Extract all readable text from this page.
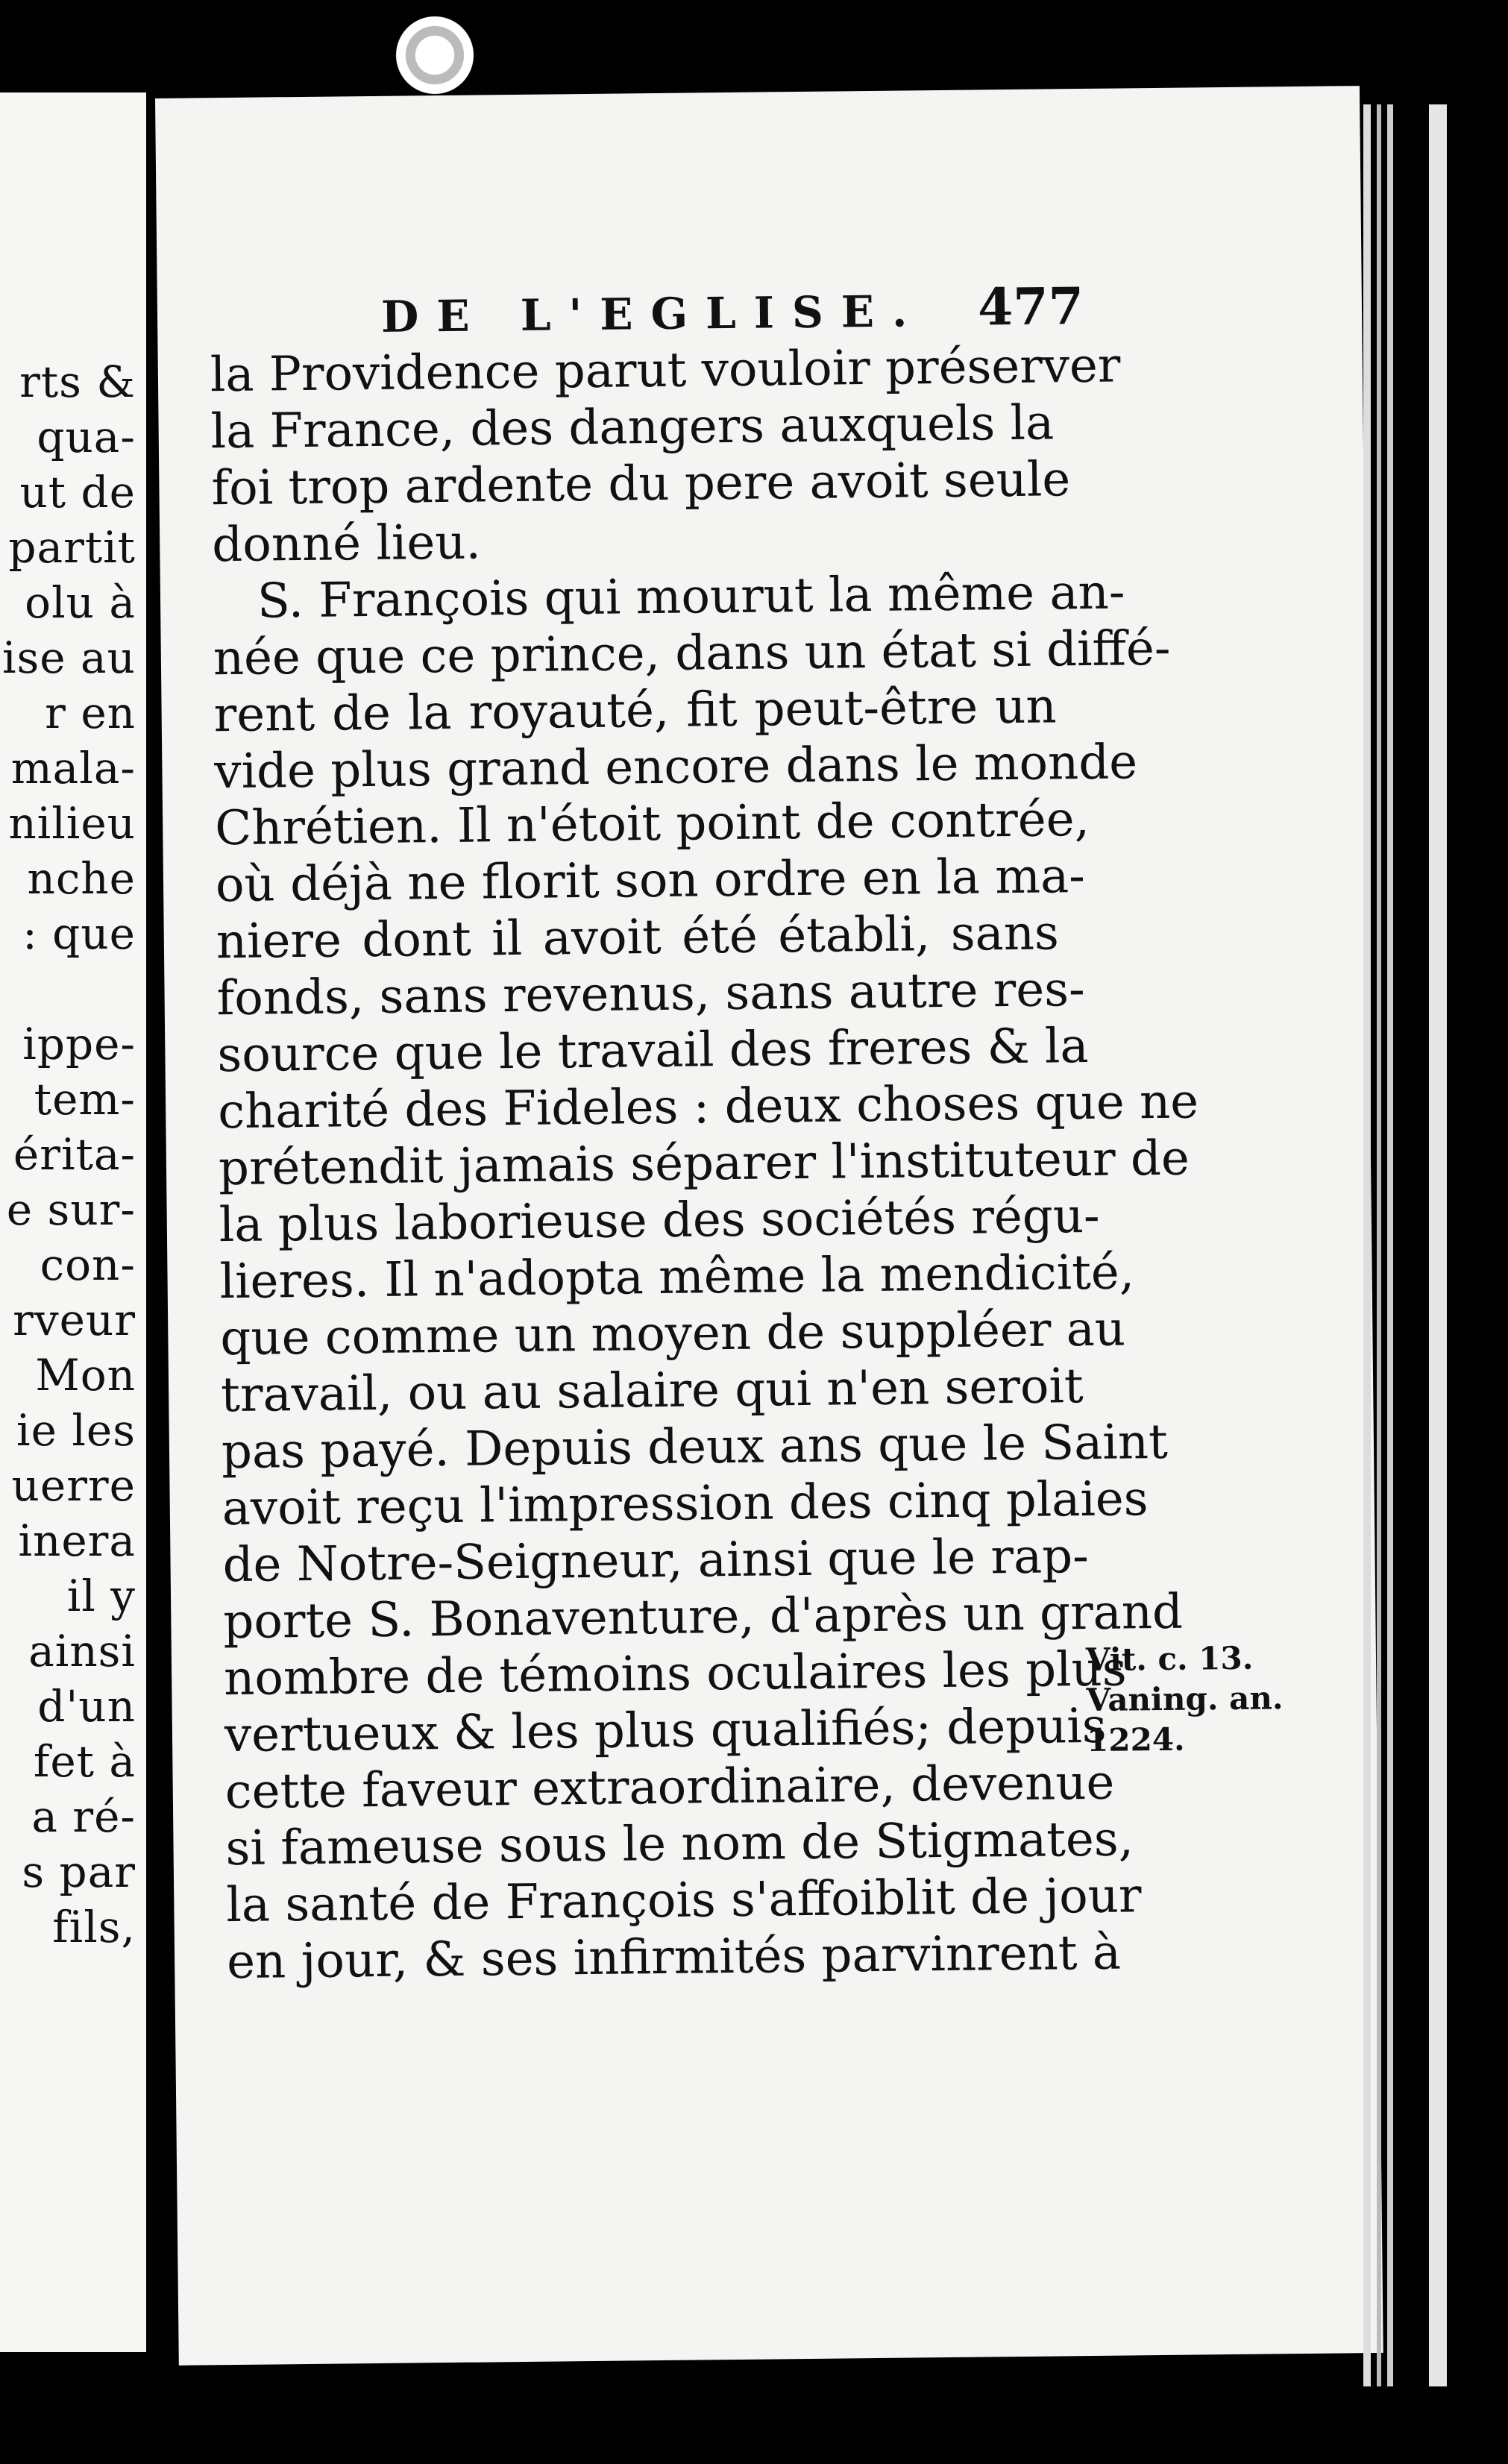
rts &
qua-
ut de
partit
olu à
ise au
r en
mala-
nilieu
nche
: que
ippe-
tem-
érita-
e sur-
con-
rveur
Mon
ie les
uerre
inera
il y
ainsi
d'un
fet à
a ré-
s par
fils,
DE L'EGLISE. 477
la Providence parut vouloir préserver
la France, des dangers auxquels la
foi trop ardente du pere avoit seule
donné lieu.
S. François qui mourut la même an-
née que ce prince, dans un état si diffé-
rent de la royauté, fit peut-être un
vide plus grand encore dans le monde
Chrétien. Il n'étoit point de contrée,
où déjà ne florit son ordre en la ma-
niere dont il avoit été établi, sans
fonds, sans revenus, sans autre res-
source que le travail des freres & la
charité des Fideles : deux choses que ne
prétendit jamais séparer l'instituteur de
la plus laborieuse des sociétés régu-
lieres. Il n'adopta même la mendicité,
que comme un moyen de suppléer au
travail, ou au salaire qui n'en seroit
pas payé. Depuis deux ans que le Saint
avoit reçu l'impression des cinq plaies
de Notre-Seigneur, ainsi que le rap-
porte S. Bonaventure, d'après un grand
nombre de témoins oculaires les plus
vertueux & les plus qualifiés; depuis
cette faveur extraordinaire, devenue
si fameuse sous le nom de Stigmates,
la santé de François s'affoiblit de jour
en jour, & ses infirmités parvinrent à
Vit. c. 13.
Vaning. an.
1224.
